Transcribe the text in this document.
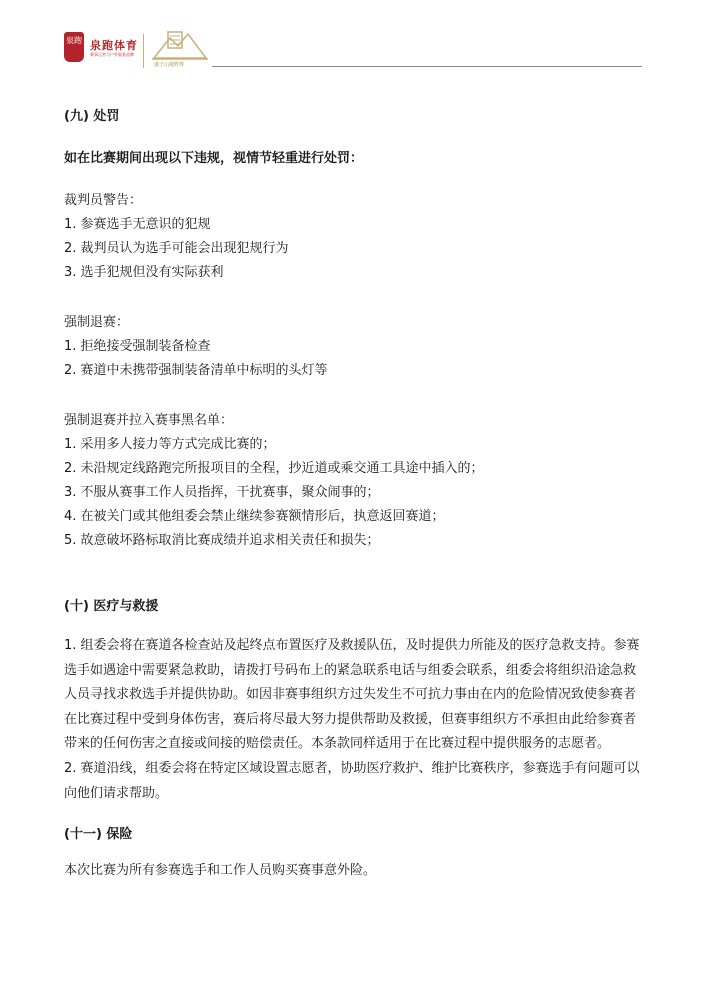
泉跑 泉跑体育
赛事运营与户外服务品牌
盛子山越野赛
(九) 处罚
如在比赛期间出现以下违规，视情节轻重进行处罚：
裁判员警告：
1. 参赛选手无意识的犯规
2. 裁判员认为选手可能会出现犯规行为
3. 选手犯规但没有实际获利
强制退赛：
1. 拒绝接受强制装备检查
2. 赛道中未携带强制装备清单中标明的头灯等
强制退赛并拉入赛事黑名单：
1. 采用多人接力等方式完成比赛的；
2. 未沿规定线路跑完所报项目的全程，抄近道或乘交通工具途中插入的；
3. 不服从赛事工作人员指挥，干扰赛事，聚众闹事的；
4. 在被关门或其他组委会禁止继续参赛额情形后，执意返回赛道；
5. 故意破坏路标取消比赛成绩并追求相关责任和损失；
(十) 医疗与救援
1. 组委会将在赛道各检查站及起终点布置医疗及救援队伍，及时提供力所能及的医疗急救支持。参赛
选手如遇途中需要紧急救助，请拨打号码布上的紧急联系电话与组委会联系，组委会将组织沿途急救
人员寻找求救选手并提供协助。如因非赛事组织方过失发生不可抗力事由在内的危险情况致使参赛者
在比赛过程中受到身体伤害，赛后将尽最大努力提供帮助及救援，但赛事组织方不承担由此给参赛者
带来的任何伤害之直接或间接的赔偿责任。本条款同样适用于在比赛过程中提供服务的志愿者。
2. 赛道沿线，组委会将在特定区域设置志愿者，协助医疗救护、维护比赛秩序，参赛选手有问题可以
向他们请求帮助。
(十一) 保险
本次比赛为所有参赛选手和工作人员购买赛事意外险。
